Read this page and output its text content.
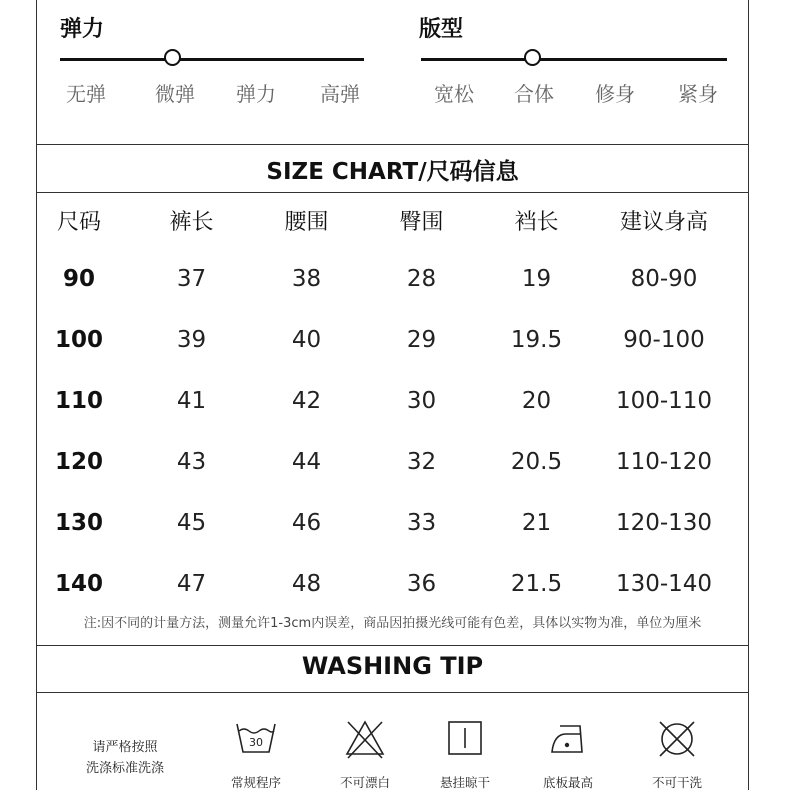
弹力
无弹 微弹 弹力 高弹
版型
宽松 合体 修身 紧身
SIZE CHART/尺码信息
尺码	裤长	腰围	臀围	裆长	建议身高
90	37	38	28	19	80-90
100	39	40	29	19.5	90-100
110	41	42	30	20	100-110
120	43	44	32	20.5	110-120
130	45	46	33	21	120-130
140	47	48	36	21.5	130-140
注:因不同的计量方法，测量允许1-3cm内误差，商品因拍摄光线可能有色差，具体以实物为准，单位为厘米
WASHING TIP
请严格按照
洗涤标准洗涤
30
常规程序	不可漂白	悬挂晾干	底板最高	不可干洗
